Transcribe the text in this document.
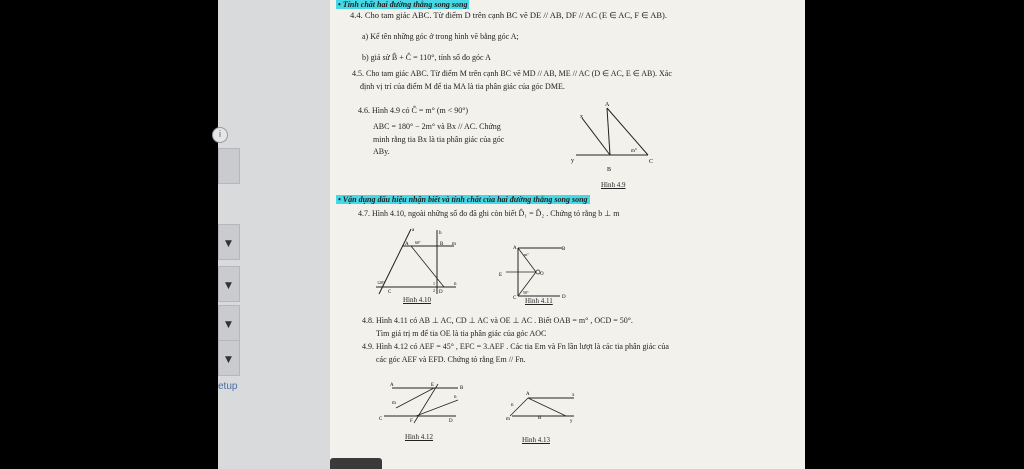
▼
▼
▼
▼
i
etup
• Tính chất hai đường thẳng song song
4.4. Cho tam giác ABC. Từ điểm D trên cạnh BC vẽ DE // AB, DF // AC (E ∈ AC, F ∈ AB).
a) Kể tên những góc ở trong hình vẽ bằng góc A;
b) giả sử B̂ + Ĉ = 110°, tính số đo góc A
4.5. Cho tam giác ABC. Từ điểm M trên cạnh BC vẽ MD // AB, ME // AC (D ∈ AC, E ∈ AB). Xác
định vị trí của điểm M để tia MA là tia phân giác của góc DME.
4.6. Hình 4.9 có Ĉ = m° (m < 90°)
ABC = 180° − 2m° và Bx // AC. Chứng
minh rằng tia Bx là tia phân giác của góc
ABy.
A
x
y
B
C
m°
Hình 4.9
• Vận dụng dấu hiệu nhận biết và tính chất của hai đường thẳng song song
4.7. Hình 4.10, ngoài những số đo đã ghi còn biết D̂₁ = D̂₂ . Chứng tỏ rằng b ⊥ m
a
b
A 60°	B m
120°
C
1
2 D
n
Hình 4.10
A
m°
B
E	O
50°
C	D
Hình 4.11
4.8. Hình 4.11 có AB ⊥ AC, CD ⊥ AC và OE ⊥ AC . Biết OAB = m° , OCD = 50°.
Tìm giá trị m để tia OE là tia phân giác của góc AOC
4.9. Hình 4.12 có AEF = 45° , EFC = 3.AEF . Các tia Em và Fn lần lượt là các tia phân giác của
các góc AEF và EFD. Chứng tỏ rằng Em // Fn.
A	E
B
m
n
C	F	D
Hình 4.12
A	x
n
m	B
y
Hình 4.13
